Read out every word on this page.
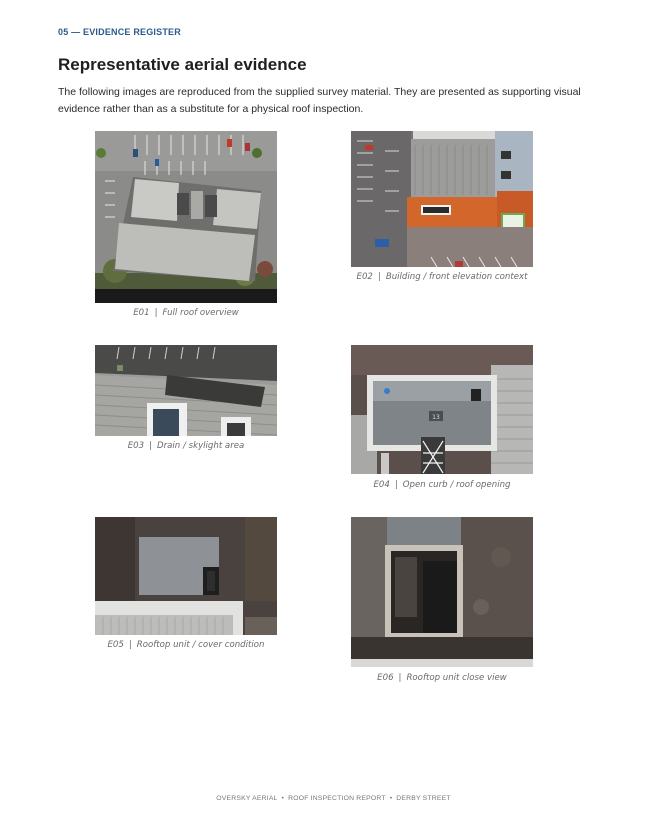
05 — EVIDENCE REGISTER
Representative aerial evidence

The following images are reproduced from the supplied survey material. They are presented as supporting visual evidence rather than as a substitute for a physical roof inspection.

E01 | Full roof overview
E02 | Building / front elevation context
E03 | Drain / skylight area
13
E04 | Open curb / roof opening
E05 | Rooftop unit / cover condition
E06 | Rooftop unit close view
OVERSKY AERIAL • ROOF INSPECTION REPORT • DERBY STREET
